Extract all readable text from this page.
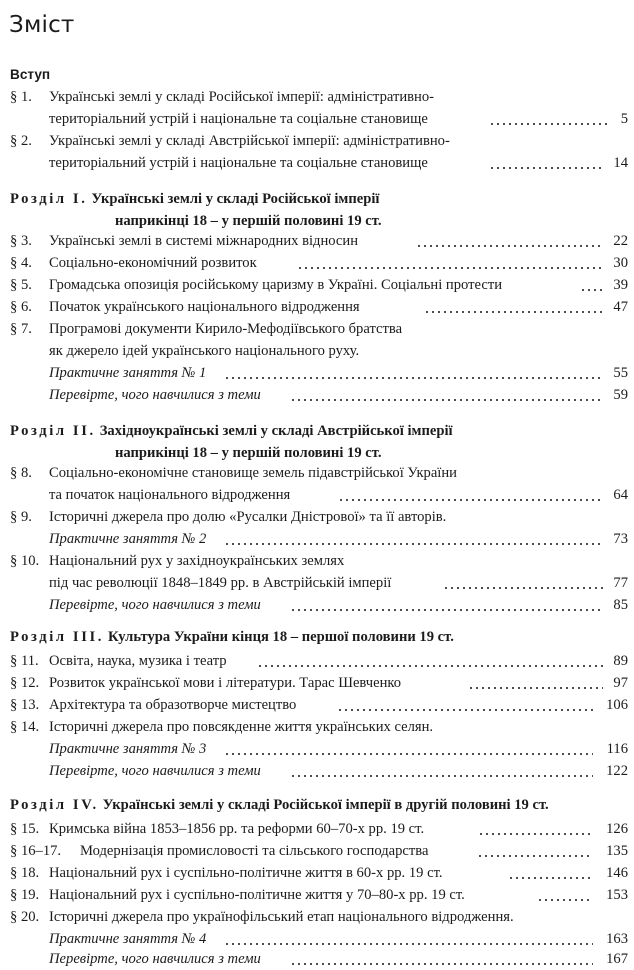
Зміст
Вступ
§ 1. Українські землі у складі Російської імперії: адміністративно-
територіальний устрій і національне та соціальне становище	5
§ 2. Українські землі у складі Австрійської імперії: адміністративно-
територіальний устрій і національне та соціальне становище	14
Розділ I. Українські землі у складі Російської імперії
наприкінці 18 – у першій половині 19 ст.
§ 3. Українські землі в системі міжнародних відносин	22
§ 4. Соціально-економічний розвиток	30
§ 5. Громадська опозиція російському царизму в Україні. Соціальні протести	39
§ 6. Початок українського національного відродження	47
§ 7. Програмові документи Кирило-Мефодіївського братства
як джерело ідей українського національного руху.
Практичне заняття № 1	55
Перевірте, чого навчилися з теми	59
Розділ II. Західноукраїнські землі у складі Австрійської імперії
наприкінці 18 – у першій половині 19 ст.
§ 8. Соціально-економічне становище земель підавстрійської України
та початок національного відродження	64
§ 9. Історичні джерела про долю «Русалки Дністрової» та її авторів.
Практичне заняття № 2	73
§ 10. Національний рух у західноукраїнських землях
під час революції 1848–1849 рр. в Австрійській імперії	77
Перевірте, чого навчилися з теми	85
Розділ III. Культура України кінця 18 – першої половини 19 ст.
§ 11. Освіта, наука, музика і театр	89
§ 12. Розвиток української мови і літератури. Тарас Шевченко	97
§ 13. Архітектура та образотворче мистецтво	106
§ 14. Історичні джерела про повсякденне життя українських селян.
Практичне заняття № 3	116
Перевірте, чого навчилися з теми	122
Розділ IV. Українські землі у складі Російської імперії в другій половині 19 ст.
§ 15. Кримська війна 1853–1856 рр. та реформи 60–70-х рр. 19 ст.	126
§ 16–17. Модернізація промисловості та сільського господарства	135
§ 18. Національний рух і суспільно-політичне життя в 60-х рр. 19 ст.	146
§ 19. Національний рух і суспільно-політичне життя у 70–80-х рр. 19 ст.	153
§ 20. Історичні джерела про українофільський етап національного відродження.
Практичне заняття № 4	163
Перевірте, чого навчилися з теми	167
